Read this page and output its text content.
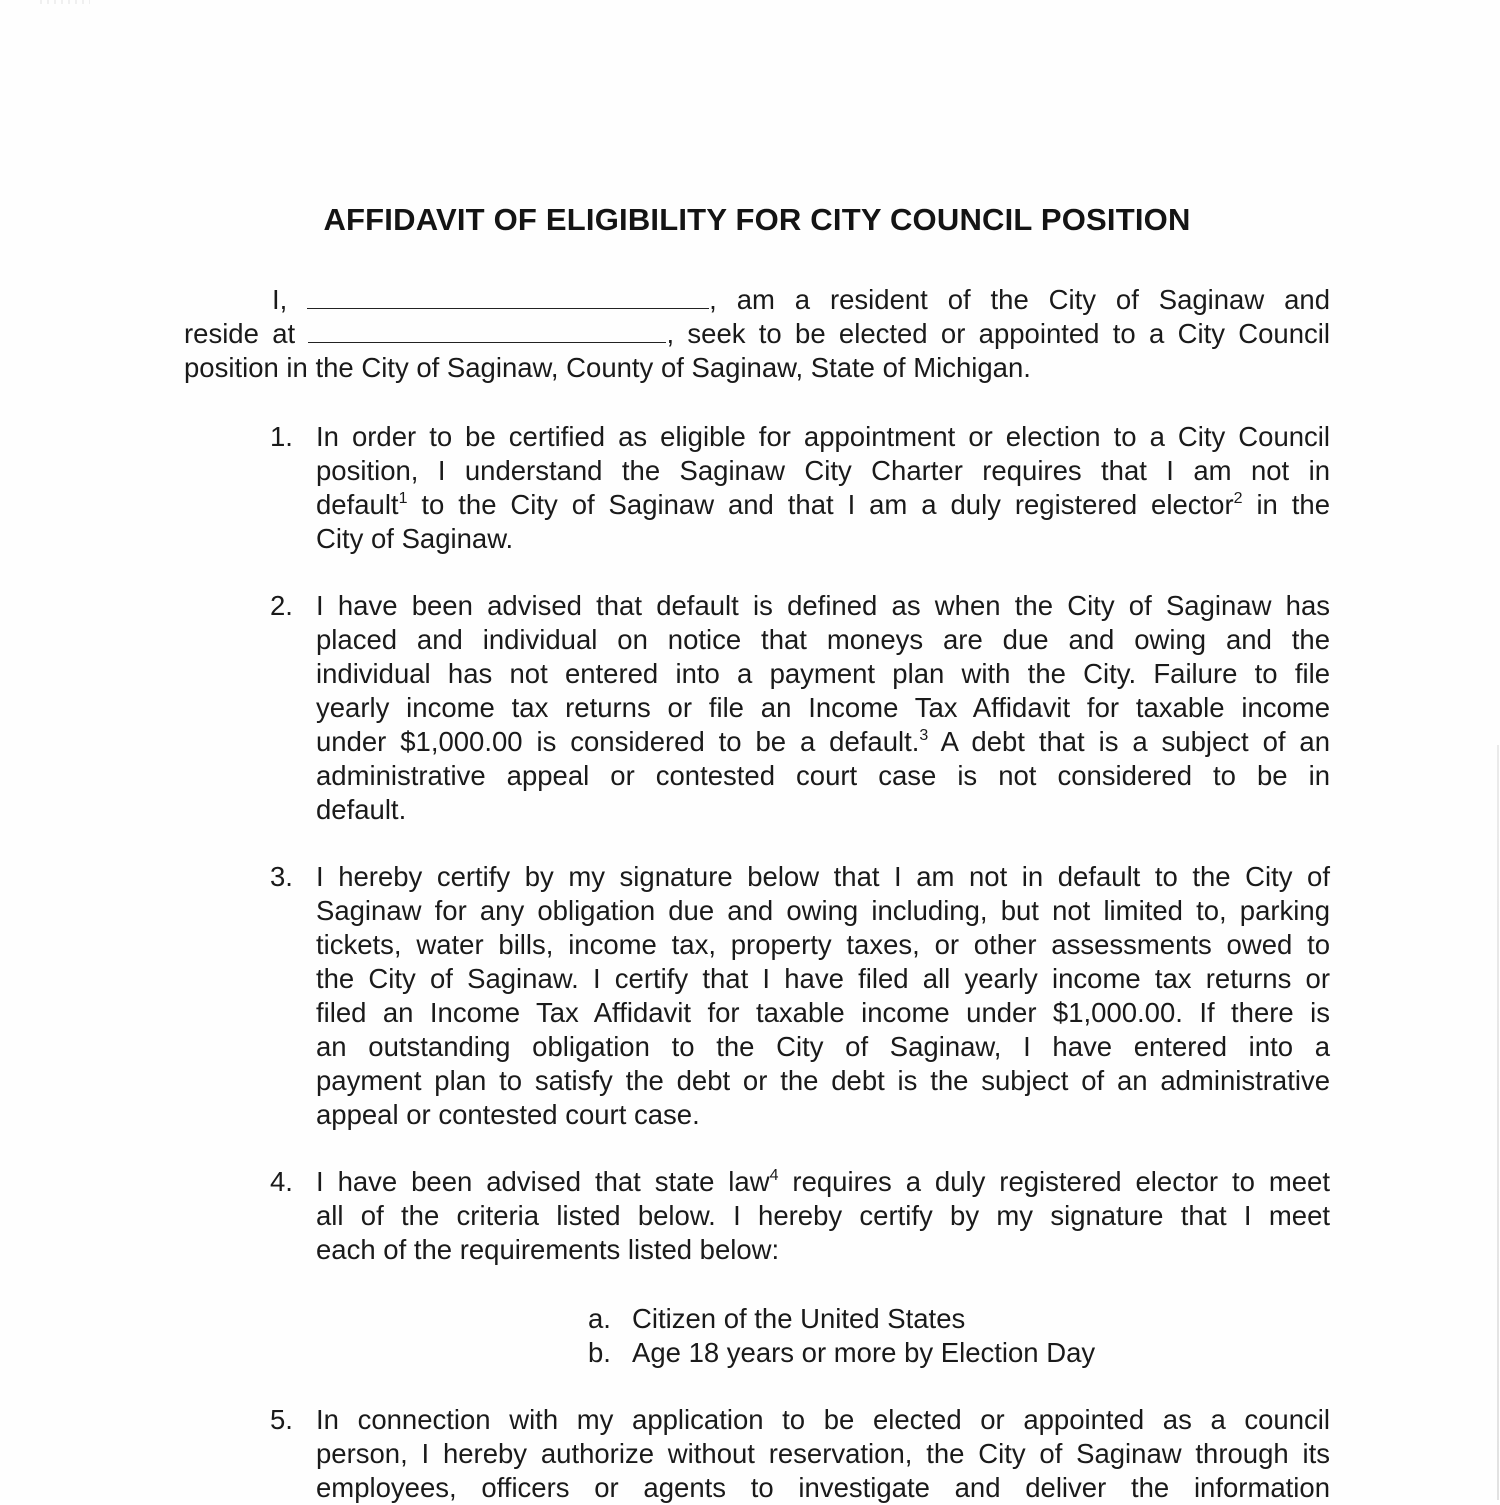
AFFIDAVIT OF ELIGIBILITY FOR CITY COUNCIL POSITION
I,	, am a resident of the City of Saginaw and
reside at	, seek to be elected or appointed to a City Council
position in the City of Saginaw, County of Saginaw, State of Michigan.
1. In order to be certified as eligible for appointment or election to a City Council
position, I understand the Saginaw City Charter requires that I am not in
default$^1$ to the City of Saginaw and that I am a duly registered elector$^2$ in the
City of Saginaw.
2. I have been advised that default is defined as when the City of Saginaw has
placed and individual on notice that moneys are due and owing and the
individual has not entered into a payment plan with the City. Failure to file
yearly income tax returns or file an Income Tax Affidavit for taxable income
under $1,000.00 is considered to be a default.$^3$ A debt that is a subject of an
administrative appeal or contested court case is not considered to be in
default.
3. I hereby certify by my signature below that I am not in default to the City of
Saginaw for any obligation due and owing including, but not limited to, parking
tickets, water bills, income tax, property taxes, or other assessments owed to
the City of Saginaw. I certify that I have filed all yearly income tax returns or
filed an Income Tax Affidavit for taxable income under $1,000.00. If there is
an outstanding obligation to the City of Saginaw, I have entered into a
payment plan to satisfy the debt or the debt is the subject of an administrative
appeal or contested court case.
4. I have been advised that state law$^4$ requires a duly registered elector to meet
all of the criteria listed below. I hereby certify by my signature that I meet
each of the requirements listed below:
a. Citizen of the United States
b. Age 18 years or more by Election Day
5. In connection with my application to be elected or appointed as a council
person, I hereby authorize without reservation, the City of Saginaw through its
employees, officers or agents to investigate and deliver the information
